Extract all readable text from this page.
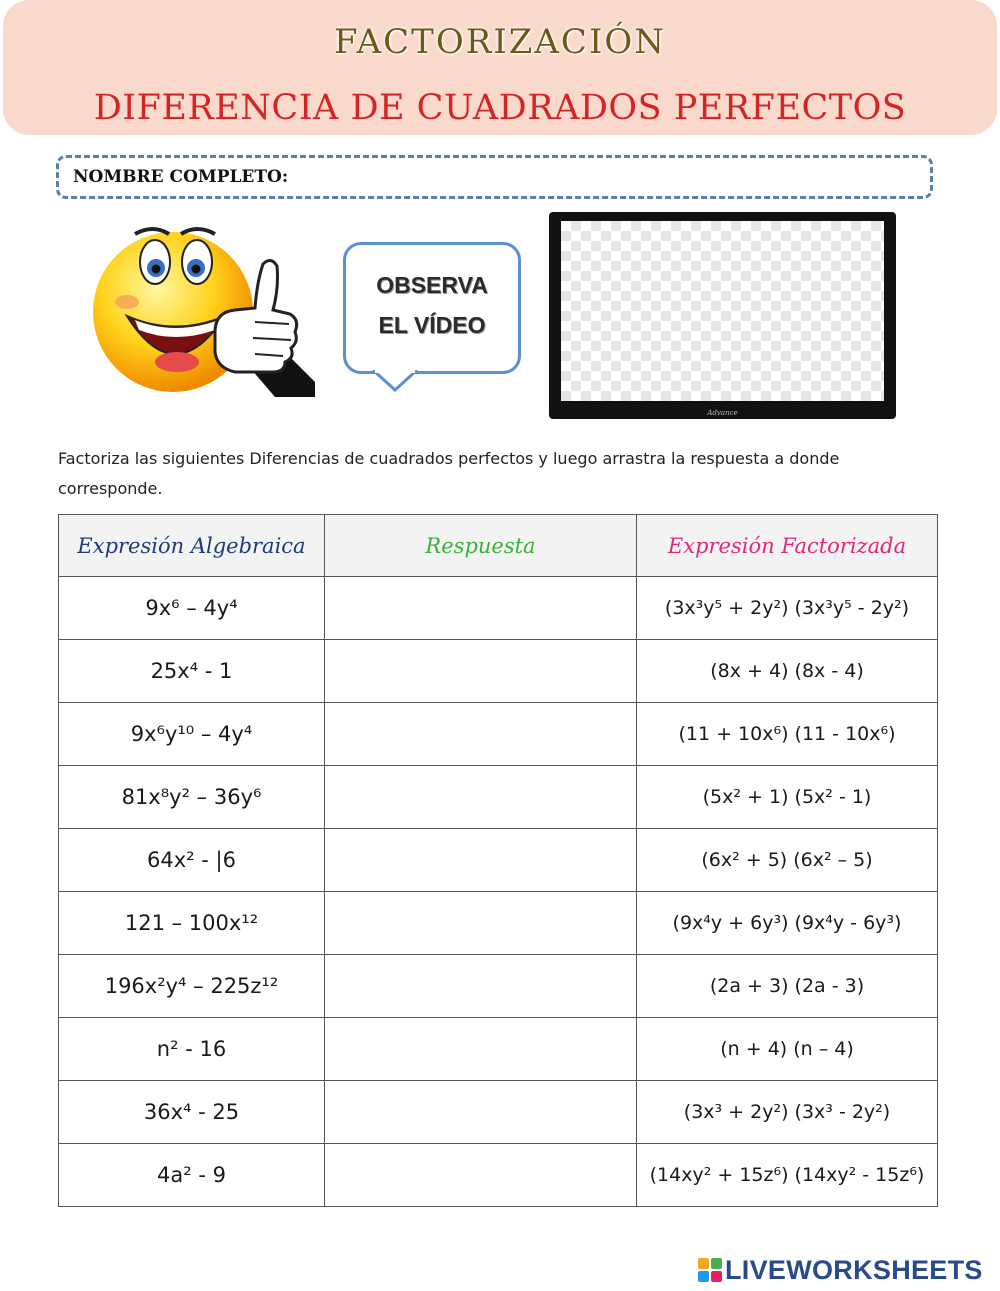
FACTORIZACIÓN
DIFERENCIA DE CUADRADOS PERFECTOS
NOMBRE COMPLETO:
OBSERVA
EL VÍDEO
Advance
Factoriza las siguientes Diferencias de cuadrados perfectos y luego arrastra la respuesta a donde corresponde.
Expresión Algebraica	Respuesta	Expresión Factorizada
9x⁶ – 4y⁴		(3x³y⁵ + 2y²) (3x³y⁵ - 2y²)
25x⁴ - 1		(8x + 4) (8x - 4)
9x⁶y¹⁰ – 4y⁴		(11 + 10x⁶) (11 - 10x⁶)
81x⁸y² – 36y⁶		(5x² + 1) (5x² - 1)
64x² - |6		(6x² + 5) (6x² – 5)
121 – 100x¹²		(9x⁴y + 6y³) (9x⁴y - 6y³)
196x²y⁴ – 225z¹²		(2a + 3) (2a - 3)
n² - 16		(n + 4) (n – 4)
36x⁴ - 25		(3x³ + 2y²) (3x³ - 2y²)
4a² - 9		(14xy² + 15z⁶) (14xy² - 15z⁶)
LIVEWORKSHEETS
